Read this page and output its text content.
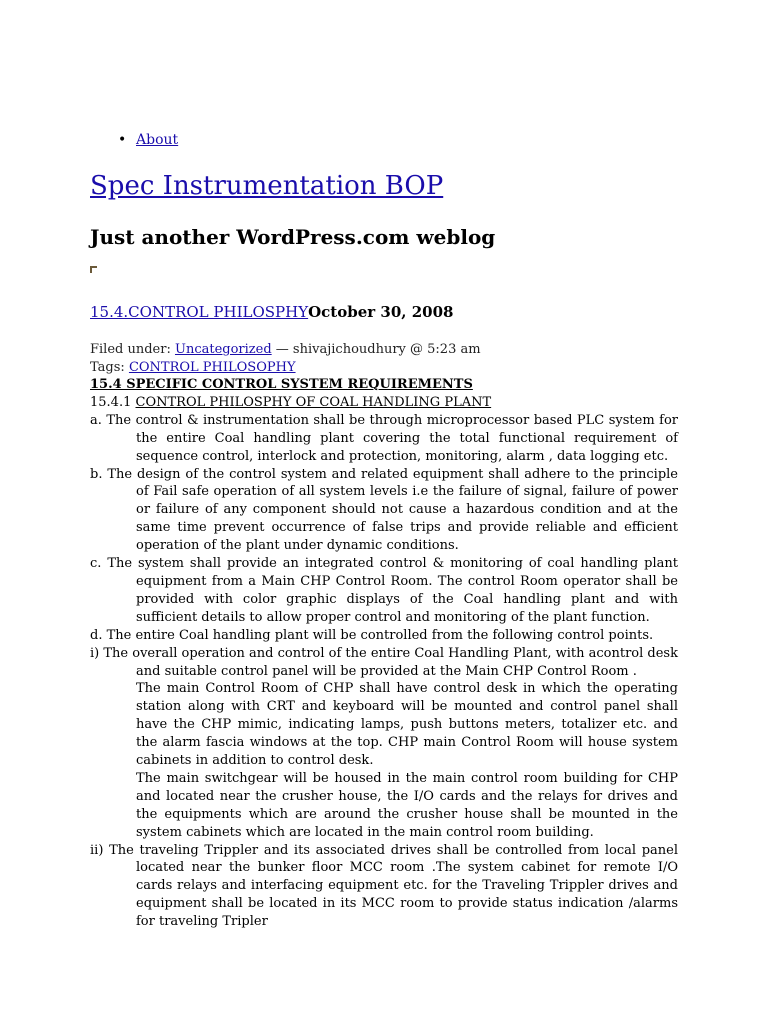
• About
Spec Instrumentation BOP
Just another WordPress.com weblog
15.4.CONTROL PHILOSPHYOctober 30, 2008
Filed under: Uncategorized — shivajichoudhury @ 5:23 am
Tags: CONTROL PHILOSOPHY

15.4 SPECIFIC CONTROL SYSTEM REQUIREMENTS

15.4.1 CONTROL PHILOSPHY OF COAL HANDLING PLANT

a. The control & instrumentation shall be through microprocessor based PLC system for the entire Coal handling plant covering the total functional requirement of sequence control, interlock and protection, monitoring, alarm , data logging etc.

b. The design of the control system and related equipment shall adhere to the principle of Fail safe operation of all system levels i.e the failure of signal, failure of power or failure of any component should not cause a hazardous condition and at the same time prevent occurrence of false trips and provide reliable and efficient operation of the plant under dynamic conditions.

c. The system shall provide an integrated control & monitoring of coal handling plant equipment from a Main CHP Control Room. The control Room operator shall be provided with color graphic displays of the Coal handling plant and with sufficient details to allow proper control and monitoring of the plant function.

d. The entire Coal handling plant will be controlled from the following control points.

i) The overall operation and control of the entire Coal Handling Plant, with acontrol desk and suitable control panel will be provided at the Main CHP Control Room .

The main Control Room of CHP shall have control desk in which the operating station along with CRT and keyboard will be mounted and control panel shall have the CHP mimic, indicating lamps, push buttons meters, totalizer etc. and the alarm fascia windows at the top. CHP main Control Room will house system cabinets in addition to control desk.

The main switchgear will be housed in the main control room building for CHP and located near the crusher house, the I/O cards and the relays for drives and the equipments which are around the crusher house shall be mounted in the system cabinets which are located in the main control room building.

ii) The traveling Trippler and its associated drives shall be controlled from local panel located near the bunker floor MCC room .The system cabinet for remote I/O cards relays and interfacing equipment etc. for the Traveling Trippler drives and equipment shall be located in its MCC room to provide status indication /alarms for traveling Tripler
